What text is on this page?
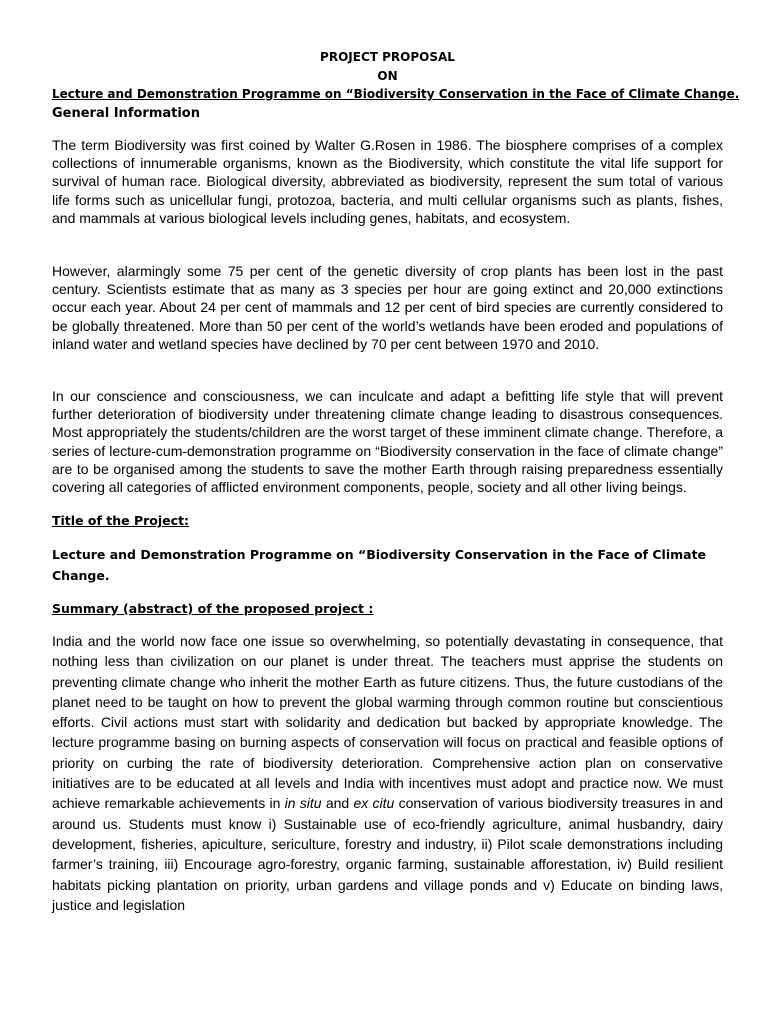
PROJECT PROPOSAL
ON
Lecture and Demonstration Programme on “Biodiversity Conservation in the Face of Climate Change.
General Information

The term Biodiversity was first coined by Walter G.Rosen in 1986. The biosphere comprises of a complex collections of innumerable organisms, known as the Biodiversity, which constitute the vital life support for survival of human race. Biological diversity, abbreviated as biodiversity, represent the sum total of various life forms such as unicellular fungi, protozoa, bacteria, and multi cellular organisms such as plants, fishes, and mammals at various biological levels including genes, habitats, and ecosystem.

However, alarmingly some 75 per cent of the genetic diversity of crop plants has been lost in the past century. Scientists estimate that as many as 3 species per hour are going extinct and 20,000 extinctions occur each year. About 24 per cent of mammals and 12 per cent of bird species are currently considered to be globally threatened. More than 50 per cent of the world’s wetlands have been eroded and populations of inland water and wetland species have declined by 70 per cent between 1970 and 2010.

In our conscience and consciousness, we can inculcate and adapt a befitting life style that will prevent further deterioration of biodiversity under threatening climate change leading to disastrous consequences. Most appropriately the students/children are the worst target of these imminent climate change. Therefore, a series of lecture-cum-demonstration programme on “Biodiversity conservation in the face of climate change” are to be organised among the students to save the mother Earth through raising preparedness essentially covering all categories of afflicted environment components, people, society and all other living beings.

Title of the Project:

Lecture and Demonstration Programme on “Biodiversity Conservation in the Face of Climate Change.

Summary (abstract) of the proposed project :

India and the world now face one issue so overwhelming, so potentially devastating in consequence, that nothing less than civilization on our planet is under threat. The teachers must apprise the students on preventing climate change who inherit the mother Earth as future citizens. Thus, the future custodians of the planet need to be taught on how to prevent the global warming through common routine but conscientious efforts. Civil actions must start with solidarity and dedication but backed by appropriate knowledge. The lecture programme basing on burning aspects of conservation will focus on practical and feasible options of priority on curbing the rate of biodiversity deterioration. Comprehensive action plan on conservative initiatives are to be educated at all levels and India with incentives must adopt and practice now. We must achieve remarkable achievements in in situ and ex citu conservation of various biodiversity treasures in and around us. Students must know i) Sustainable use of eco-friendly agriculture, animal husbandry, dairy development, fisheries, apiculture, sericulture, forestry and industry, ii) Pilot scale demonstrations including farmer’s training, iii) Encourage agro-forestry, organic farming, sustainable afforestation, iv) Build resilient habitats picking plantation on priority, urban gardens and village ponds and v) Educate on binding laws, justice and legislation
